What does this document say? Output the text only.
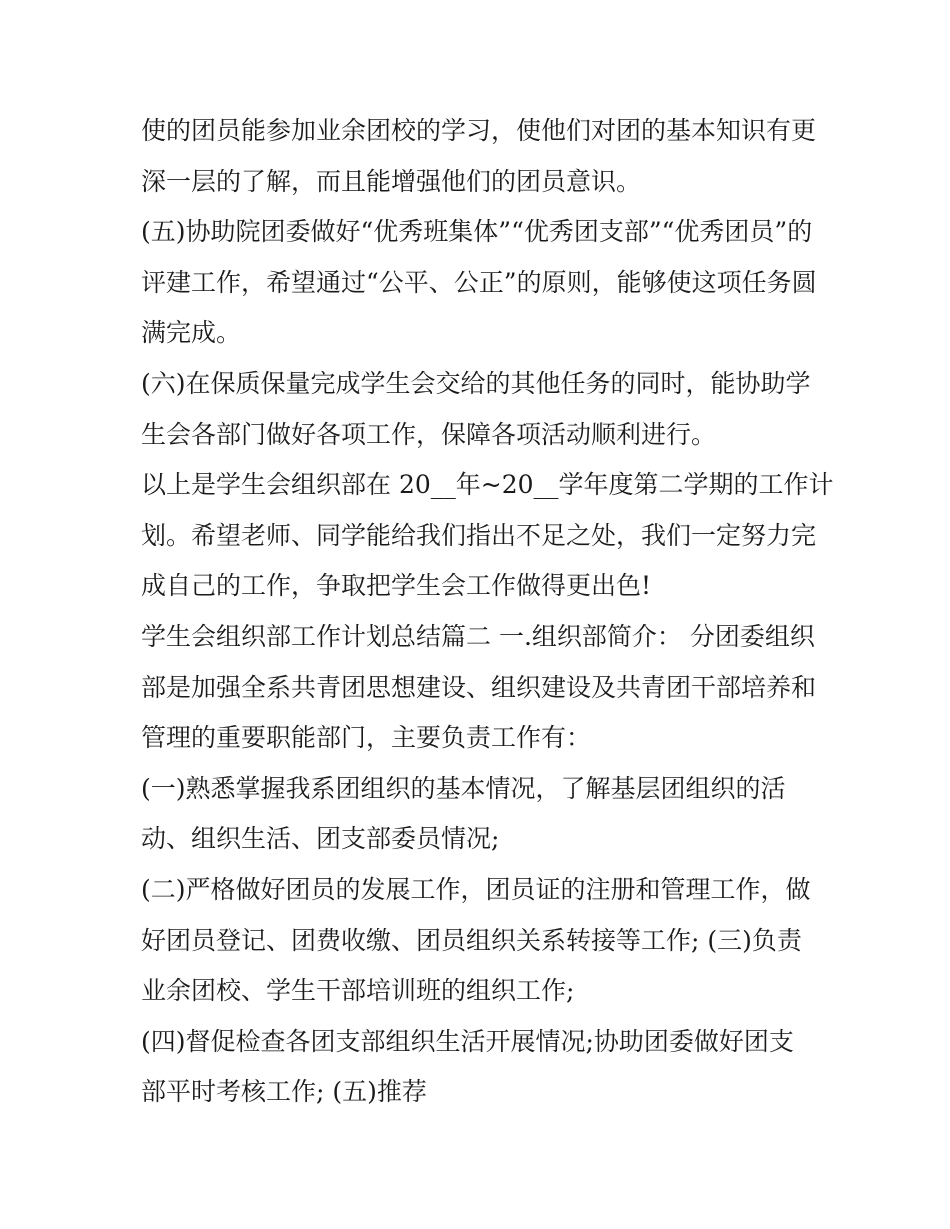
使的团员能参加业余团校的学习，使他们对团的基本知识有更
深一层的了解，而且能增强他们的团员意识。
(五)协助院团委做好“优秀班集体”“优秀团支部”“优秀团员”的
评建工作，希望通过“公平、公正”的原则，能够使这项任务圆
满完成。
(六)在保质保量完成学生会交给的其他任务的同时，能协助学
生会各部门做好各项工作，保障各项活动顺利进行。
以上是学生会组织部在 20__年~20__学年度第二学期的工作计
划。希望老师、同学能给我们指出不足之处，我们一定努力完
成自己的工作，争取把学生会工作做得更出色!
学生会组织部工作计划总结篇二 一.组织部简介： 分团委组织
部是加强全系共青团思想建设、组织建设及共青团干部培养和
管理的重要职能部门，主要负责工作有：
(一)熟悉掌握我系团组织的基本情况，了解基层团组织的活
动、组织生活、团支部委员情况;
(二)严格做好团员的发展工作，团员证的注册和管理工作，做
好团员登记、团费收缴、团员组织关系转接等工作; (三)负责
业余团校、学生干部培训班的组织工作;
(四)督促检查各团支部组织生活开展情况;协助团委做好团支
部平时考核工作; (五)推荐
